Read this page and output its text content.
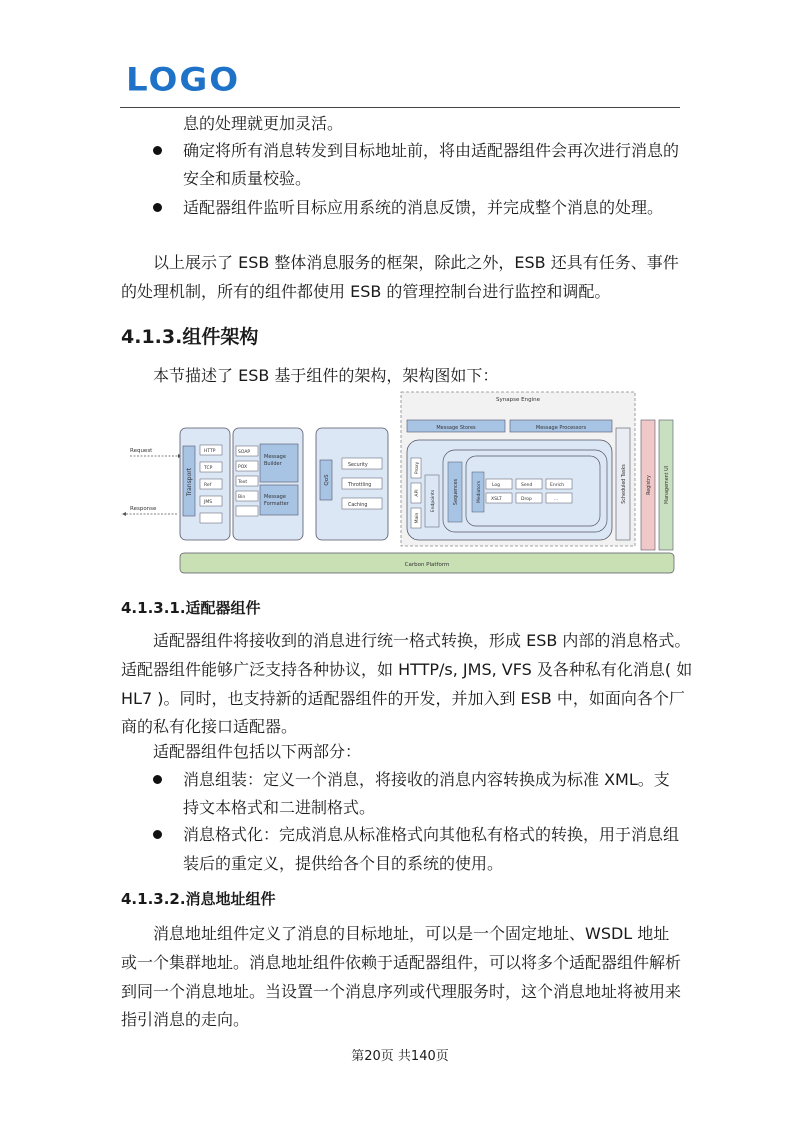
LOGO
息的处理就更加灵活。
确定将所有消息转发到目标地址前，将由适配器组件会再次进行消息的
安全和质量校验。
适配器组件监听目标应用系统的消息反馈，并完成整个消息的处理。
以上展示了 ESB 整体消息服务的框架，除此之外，ESB 还具有任务、事件
的处理机制，所有的组件都使用 ESB 的管理控制台进行监控和调配。
4.1.3.组件架构
本节描述了 ESB 基于组件的架构，架构图如下：
Synapse Engine
Request
Response
Transport
HTTP
TCP
Ref
JMS
SOAP
POX
Text
Bin
Message Builder
Message Formatter
QoS
Security
Throttling
Caching
Message Stores	Message Processors
Proxy
API
Main
Endpoints	Sequences	Mediators Log	Send	Enrich
XSLT	Drop	...	Scheduled Tasks	Registry	Management UI
Carbon Platform
4.1.3.1.适配器组件
适配器组件将接收到的消息进行统一格式转换，形成 ESB 内部的消息格式。
适配器组件能够广泛支持各种协议，如 HTTP/s, JMS, VFS 及各种私有化消息( 如
HL7 )。同时，也支持新的适配器组件的开发，并加入到 ESB 中，如面向各个厂
商的私有化接口适配器。
适配器组件包括以下两部分：
消息组装：定义一个消息，将接收的消息内容转换成为标准 XML。支
持文本格式和二进制格式。
消息格式化：完成消息从标准格式向其他私有格式的转换，用于消息组
装后的重定义，提供给各个目的系统的使用。
4.1.3.2.消息地址组件
消息地址组件定义了消息的目标地址，可以是一个固定地址、WSDL 地址
或一个集群地址。消息地址组件依赖于适配器组件，可以将多个适配器组件解析
到同一个消息地址。当设置一个消息序列或代理服务时，这个消息地址将被用来
指引消息的走向。
第20页 共140页
